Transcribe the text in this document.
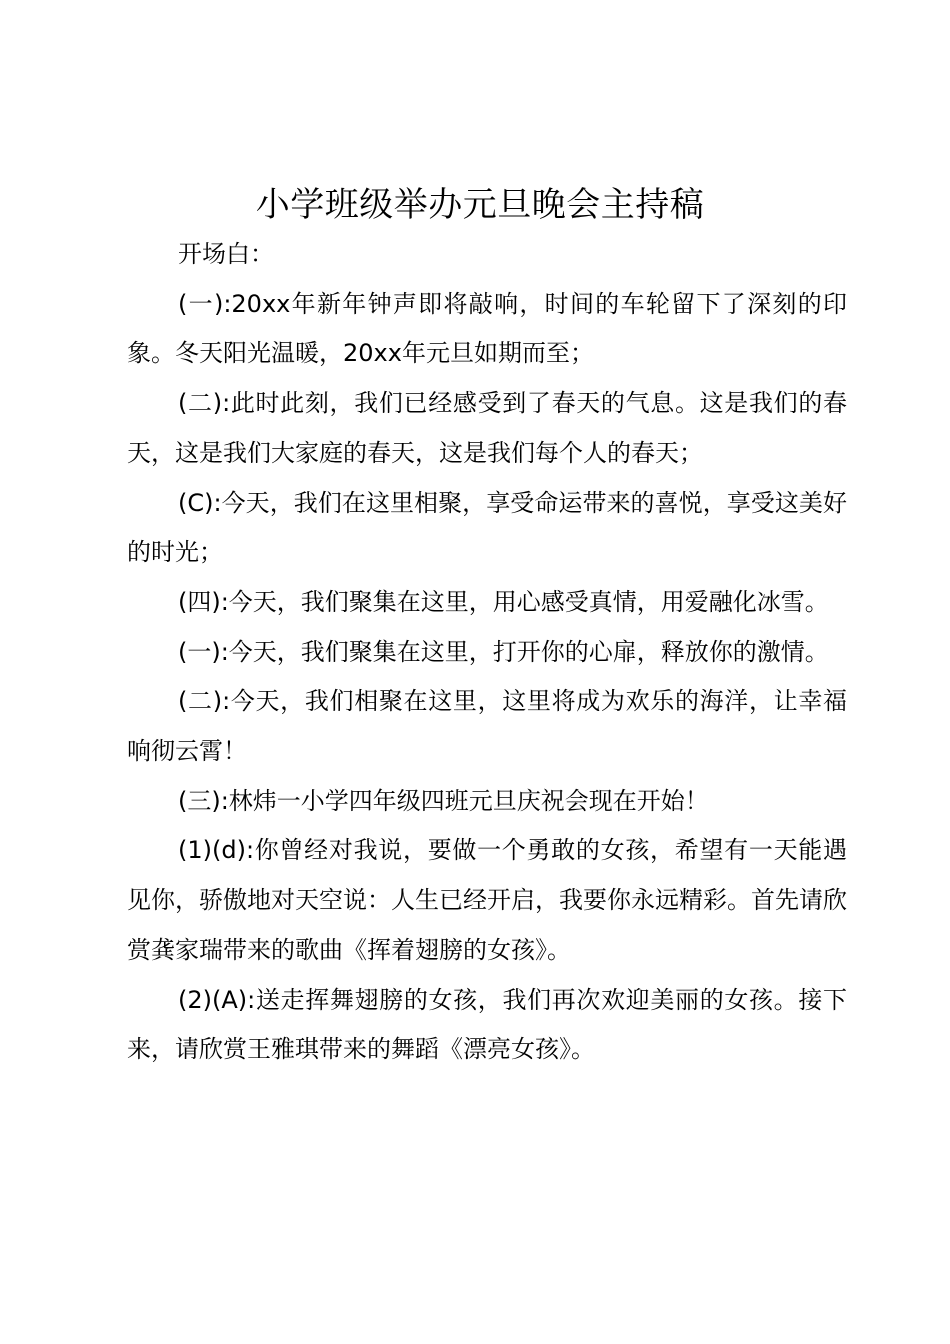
小学班级举办元旦晚会主持稿

开场白：

(一):20xx年新年钟声即将敲响，时间的车轮留下了深刻的印象。冬天阳光温暖，20xx年元旦如期而至；

(二):此时此刻，我们已经感受到了春天的气息。这是我们的春天，这是我们大家庭的春天，这是我们每个人的春天；

(C):今天，我们在这里相聚，享受命运带来的喜悦，享受这美好的时光；

(四):今天，我们聚集在这里，用心感受真情，用爱融化冰雪。

(一):今天，我们聚集在这里，打开你的心扉，释放你的激情。

(二):今天，我们相聚在这里，这里将成为欢乐的海洋，让幸福响彻云霄！

(三):林炜一小学四年级四班元旦庆祝会现在开始！

(1)(d):你曾经对我说，要做一个勇敢的女孩，希望有一天能遇见你，骄傲地对天空说：人生已经开启，我要你永远精彩。首先请欣赏龚家瑞带来的歌曲《挥着翅膀的女孩》。

(2)(A):送走挥舞翅膀的女孩，我们再次欢迎美丽的女孩。接下来，请欣赏王雅琪带来的舞蹈《漂亮女孩》。
